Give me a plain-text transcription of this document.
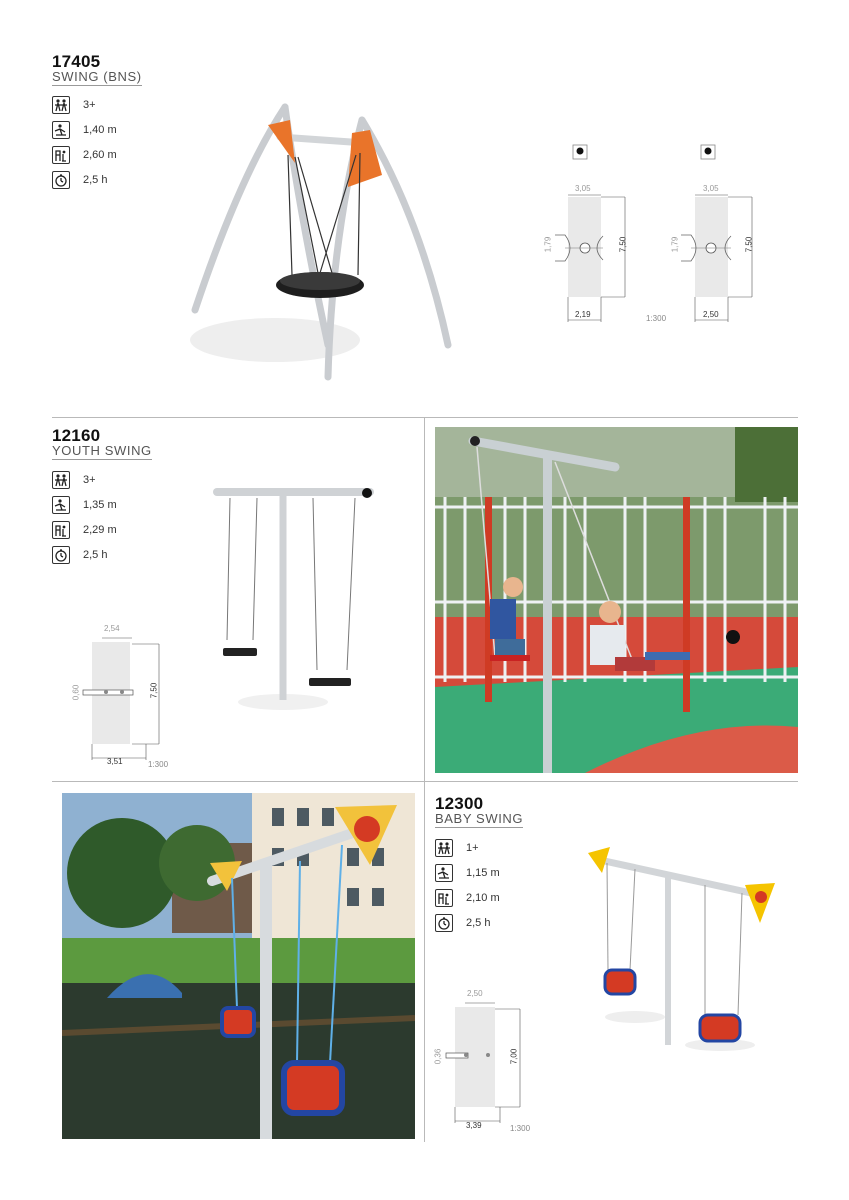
17405
SWING (BNS)
3+
1,40 m
2,60 m
2,5 h
3,05
7,50
1,79
2,19
3,05
7,50
1,79
2,50
1:300
12160
YOUTH SWING
3+
1,35 m
2,29 m
2,5 h
2,54
7,50
0,60
3,51	1:300
12300
BABY SWING
1+
1,15 m
2,10 m
2,5 h
2,50
7,00
0,36
3,39	1:300
